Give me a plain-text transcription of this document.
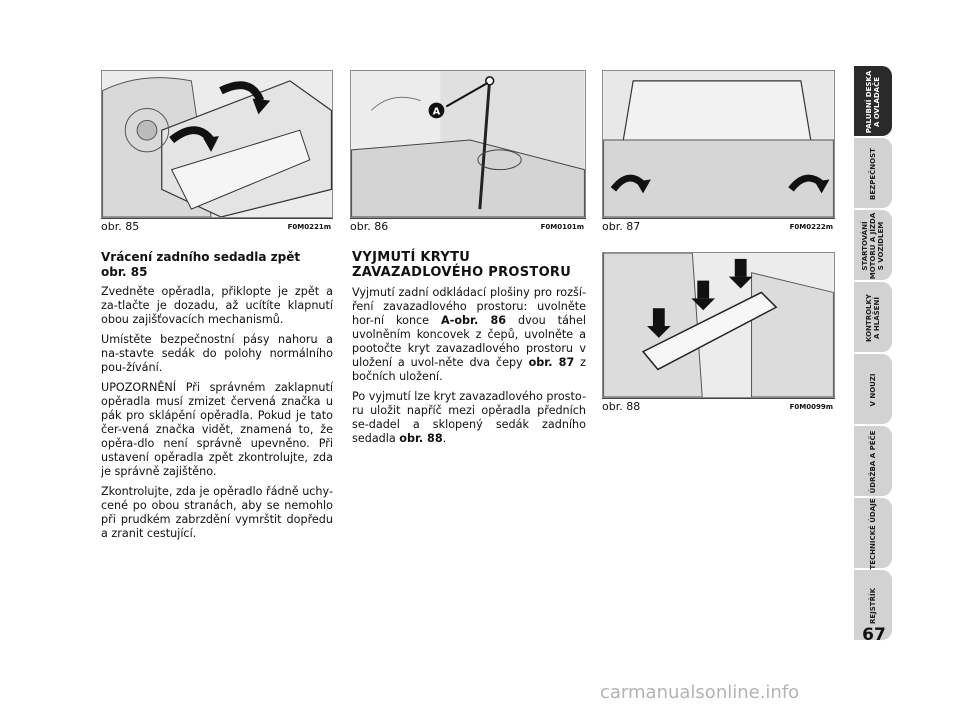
obr. 85	F0M0221m
A
obr. 86	F0M0101m obr. 87	F0M0222m
obr. 88	F0M0099m
Vrácení zadního sedadla zpět obr. 85

Zvedněte opěradla, přiklopte je zpět a za-tlačte je dozadu, až ucítíte klapnutí obou zajišťovacích mechanismů.

Umístěte bezpečnostní pásy nahoru a na-stavte sedák do polohy normálního pou-žívání.

UPOZORNĚNÍ Při správném zaklapnutí opěradla musí zmizet červená značka u pák pro sklápění opěradla. Pokud je tato čer-vená značka vidět, znamená to, že opěra-dlo není správně upevněno. Při ustavení opěradla zpět zkontrolujte, zda je správně zajištěno.

Zkontrolujte, zda je opěradlo řádně uchy-cené po obou stranách, aby se nemohlo při prudkém zabrzdění vymrštit dopředu a zranit cestující.

VYJMUTÍ KRYTU ZAVAZADLOVÉHO PROSTORU

Vyjmutí zadní odkládací plošiny pro rozší-ření zavazadlového prostoru: uvolněte hor-ní konce A-obr. 86 dvou táhel uvolněním koncovek z čepů, uvolněte a pootočte kryt zavazadlového prostoru v uložení a uvol-něte dva čepy obr. 87 z bočních uložení.

Po vyjmutí lze kryt zavazadlového prosto-ru uložit napříč mezi opěradla předních se-dadel a sklopený sedák zadního sedadla obr. 88.

PALUBNÍ DESKA
A OVLADAČE
BEZPEČNOST
STARTOVÁNÍ
MOTORU A JÍZDA
S VOZIDLEM
KONTROLKY
A HLÁŠENÍ
V NOUZI
ÚDRŽBA A PÉČE
TECHNICKÉ ÚDAJE
REJSTŘÍK
67
carmanualsonline.info
